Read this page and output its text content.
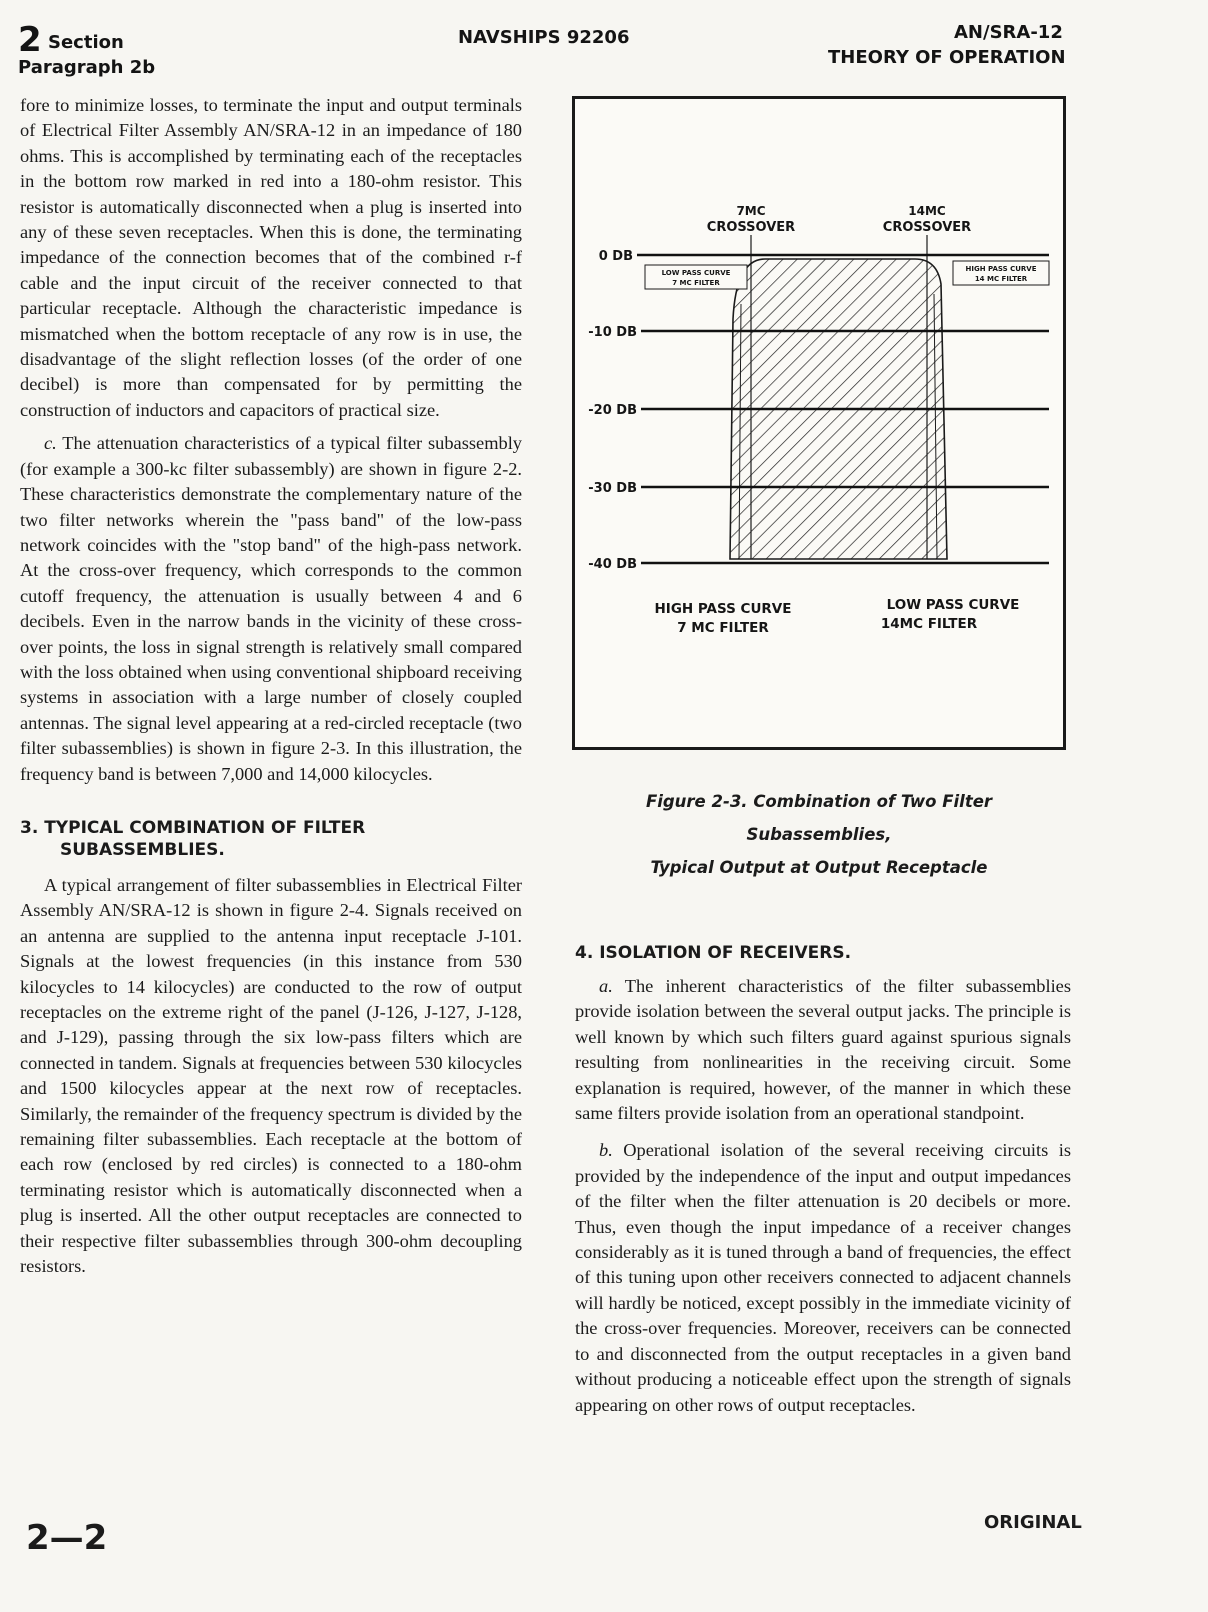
2 Section
Paragraph 2b
NAVSHIPS 92206	AN/SRA-12
THEORY OF OPERATION

fore to minimize losses, to terminate the input and output terminals of Electrical Filter Assembly AN/SRA-12 in an impedance of 180 ohms. This is accomplished by terminating each of the receptacles in the bottom row marked in red into a 180-ohm resistor. This resistor is automatically disconnected when a plug is inserted into any of these seven receptacles. When this is done, the terminating impedance of the connection becomes that of the combined r-f cable and the input circuit of the receiver connected to that particular receptacle. Although the characteristic impedance is mismatched when the bottom receptacle of any row is in use, the disadvantage of the slight reflection losses (of the order of one decibel) is more than compensated for by permitting the construction of inductors and capacitors of practical size.

c. The attenuation characteristics of a typical filter subassembly (for example a 300-kc filter subassembly) are shown in figure 2-2. These characteristics demonstrate the complementary nature of the two filter networks wherein the "pass band" of the low-pass network coincides with the "stop band" of the high-pass network. At the cross-over frequency, which corresponds to the common cutoff frequency, the attenuation is usually between 4 and 6 decibels. Even in the narrow bands in the vicinity of these cross-over points, the loss in signal strength is relatively small compared with the loss obtained when using conventional shipboard receiving systems in association with a large number of closely coupled antennas. The signal level appearing at a red-circled receptacle (two filter subassemblies) is shown in figure 2-3. In this illustration, the frequency band is between 7,000 and 14,000 kilocycles.

3. TYPICAL COMBINATION OF FILTER
SUBASSEMBLIES.

A typical arrangement of filter subassemblies in Electrical Filter Assembly AN/SRA-12 is shown in figure 2-4. Signals received on an antenna are supplied to the antenna input receptacle J-101. Signals at the lowest frequencies (in this instance from 530 kilocycles to 14 kilocycles) are conducted to the row of output receptacles on the extreme right of the panel (J-126, J-127, J-128, and J-129), passing through the six low-pass filters which are connected in tandem. Signals at frequencies between 530 kilocycles and 1500 kilocycles appear at the next row of receptacles. Similarly, the remainder of the frequency spectrum is divided by the remaining filter subassemblies. Each receptacle at the bottom of each row (enclosed by red circles) is connected to a 180-ohm terminating resistor which is automatically disconnected when a plug is inserted. All the other output receptacles are connected to their respective filter subassemblies through 300-ohm decoupling resistors.

7MC
CROSSOVER
14MC
CROSSOVER
0 DB
-10 DB
-20 DB
-30 DB
-40 DB
LOW PASS CURVE
7 MC FILTER
HIGH PASS CURVE
14 MC FILTER
HIGH PASS CURVE
7 MC FILTER
LOW PASS CURVE
14MC FILTER
Figure 2-3. Combination of Two Filter Subassemblies,
Typical Output at Output Receptacle
4. ISOLATION OF RECEIVERS.

a. The inherent characteristics of the filter subassemblies provide isolation between the several output jacks. The principle is well known by which such filters guard against spurious signals resulting from nonlinearities in the receiving circuit. Some explanation is required, however, of the manner in which these same filters provide isolation from an operational standpoint.

b. Operational isolation of the several receiving circuits is provided by the independence of the input and output impedances of the filter when the filter attenuation is 20 decibels or more. Thus, even though the input impedance of a receiver changes considerably as it is tuned through a band of frequencies, the effect of this tuning upon other receivers connected to adjacent channels will hardly be noticed, except possibly in the immediate vicinity of the cross-over frequencies. Moreover, receivers can be connected to and disconnected from the output receptacles in a given band without producing a noticeable effect upon the strength of signals appearing on other rows of output receptacles.

2—2	ORIGINAL
